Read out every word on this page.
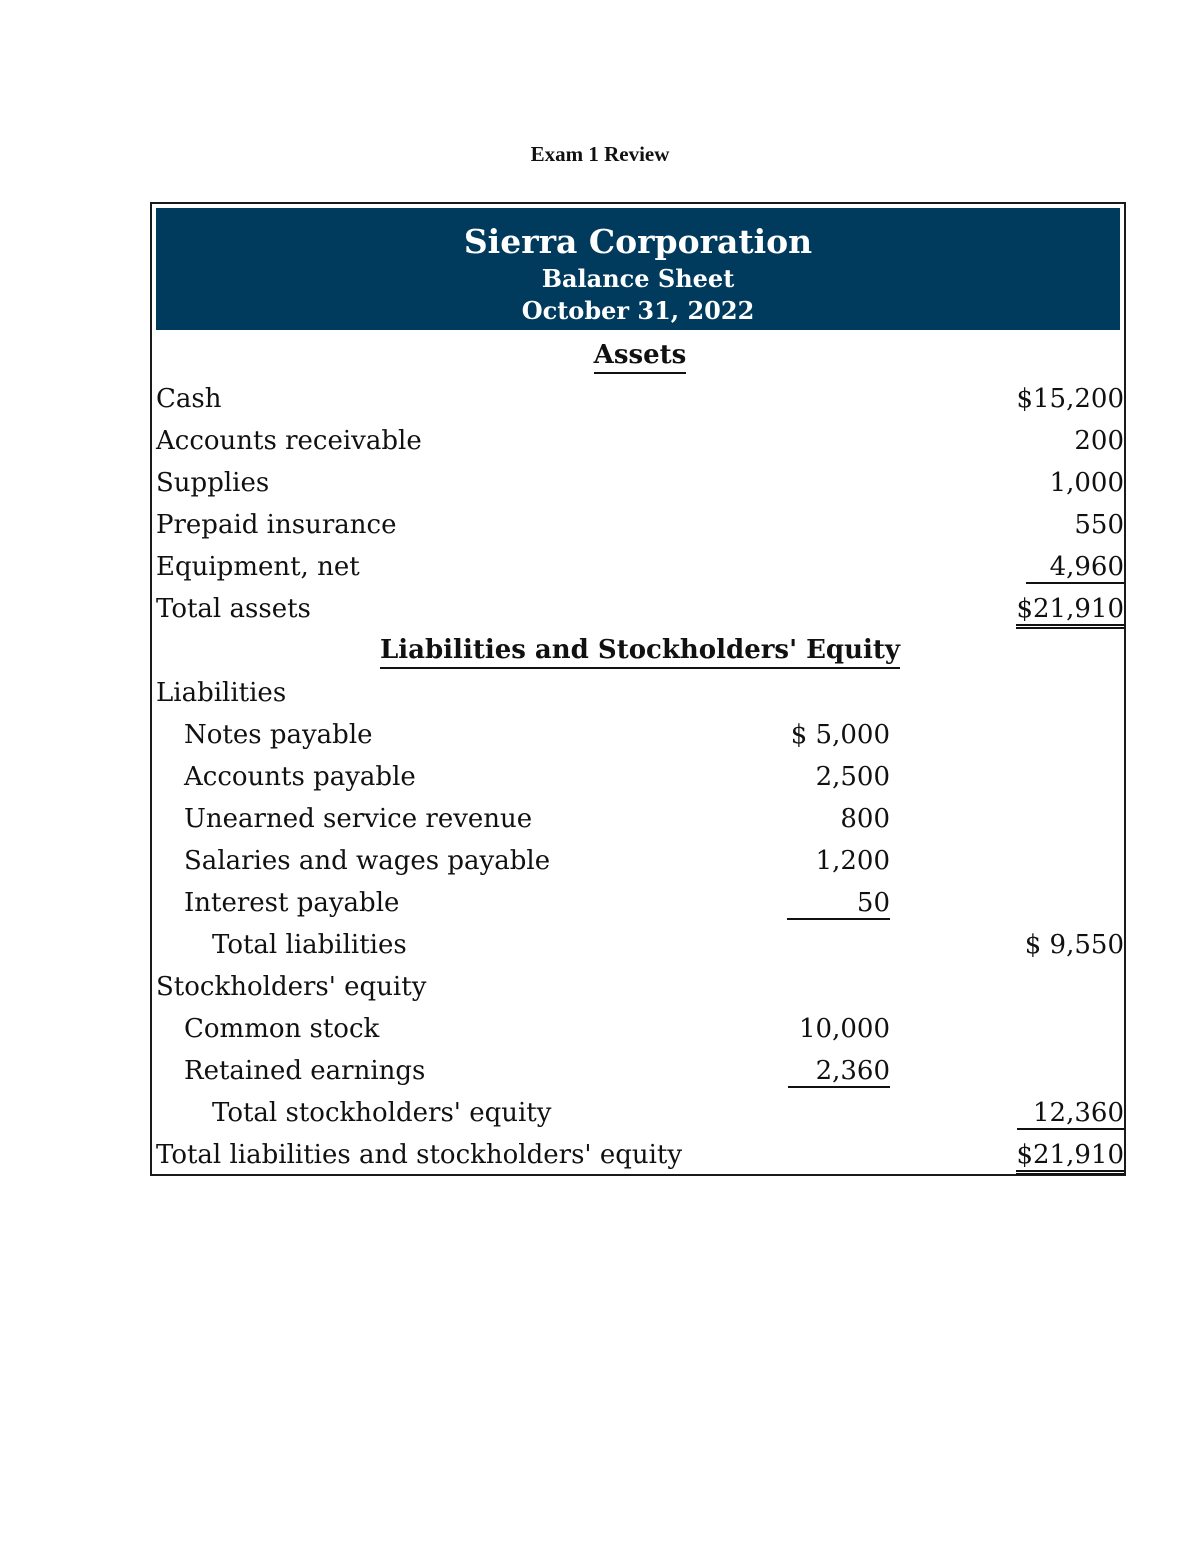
Exam 1 Review
Sierra Corporation
Balance Sheet
October 31, 2022
Assets
Cash	$15,200
Accounts receivable	200
Supplies	1,000
Prepaid insurance	550
Equipment, net	4,960
Total assets	$21,910
Liabilities and Stockholders' Equity
Liabilities
Notes payable	$ 5,000
Accounts payable	2,500
Unearned service revenue	800
Salaries and wages payable	1,200
Interest payable	50
Total liabilities	$ 9,550
Stockholders' equity
Common stock	10,000
Retained earnings	2,360
Total stockholders' equity	12,360
Total liabilities and stockholders' equity	$21,910
